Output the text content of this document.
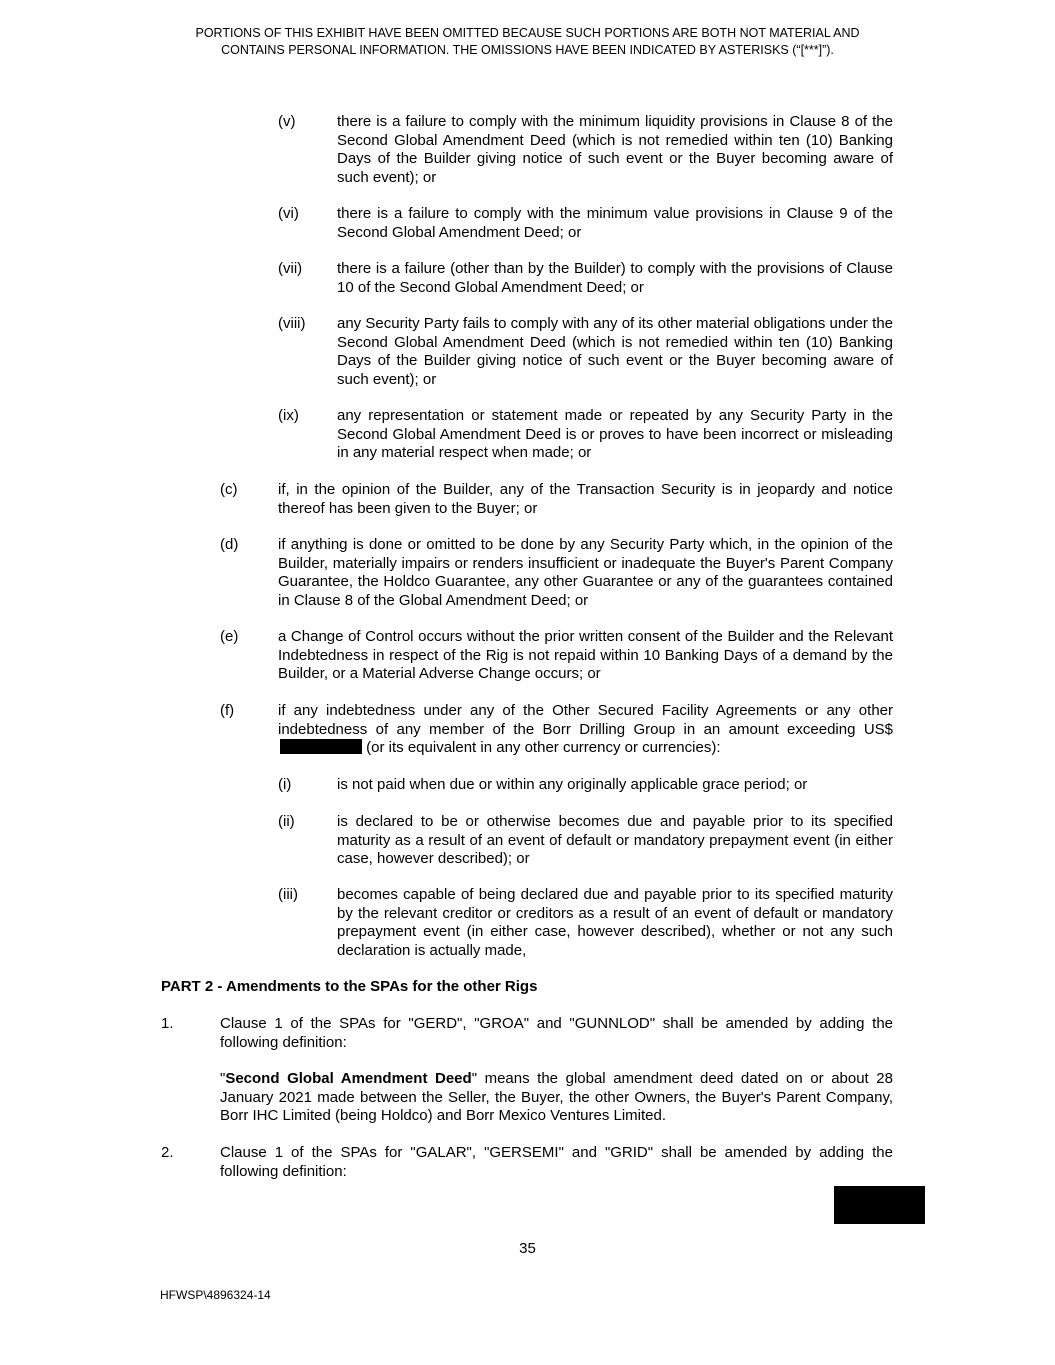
PORTIONS OF THIS EXHIBIT HAVE BEEN OMITTED BECAUSE SUCH PORTIONS ARE BOTH NOT MATERIAL AND
CONTAINS PERSONAL INFORMATION. THE OMISSIONS HAVE BEEN INDICATED BY ASTERISKS (“[***]”).
(v)	there is a failure to comply with the minimum liquidity provisions in Clause 8 of the Second Global Amendment Deed (which is not remedied within ten (10) Banking Days of the Builder giving notice of such event or the Buyer becoming aware of such event); or
(vi)	there is a failure to comply with the minimum value provisions in Clause 9 of the Second Global Amendment Deed; or
(vii) there is a failure (other than by the Builder) to comply with the provisions of Clause 10 of the Second Global Amendment Deed; or
(viii) any Security Party fails to comply with any of its other material obligations under the Second Global Amendment Deed (which is not remedied within ten (10) Banking Days of the Builder giving notice of such event or the Buyer becoming aware of such event); or
(ix)	any representation or statement made or repeated by any Security Party in the Second Global Amendment Deed is or proves to have been incorrect or misleading in any material respect when made; or
(c)	if, in the opinion of the Builder, any of the Transaction Security is in jeopardy and notice thereof has been given to the Buyer; or
(d)	if anything is done or omitted to be done by any Security Party which, in the opinion of the Builder, materially impairs or renders insufficient or inadequate the Buyer's Parent Company Guarantee, the Holdco Guarantee, any other Guarantee or any of the guarantees contained in Clause 8 of the Global Amendment Deed; or
(e)	a Change of Control occurs without the prior written consent of the Builder and the Relevant Indebtedness in respect of the Rig is not repaid within 10 Banking Days of a demand by the Builder, or a Material Adverse Change occurs; or
(f)	if any indebtedness under any of the Other Secured Facility Agreements or any other indebtedness of any member of the Borr Drilling Group in an amount exceeding US$ (or its equivalent in any other currency or currencies):
(i)	is not paid when due or within any originally applicable grace period; or
(ii)	is declared to be or otherwise becomes due and payable prior to its specified maturity as a result of an event of default or mandatory prepayment event (in either case, however described); or
(iii)	becomes capable of being declared due and payable prior to its specified maturity by the relevant creditor or creditors as a result of an event of default or mandatory prepayment event (in either case, however described), whether or not any such declaration is actually made,
PART 2 - Amendments to the SPAs for the other Rigs
1.	Clause 1 of the SPAs for "GERD", "GROA" and "GUNNLOD" shall be amended by adding the following definition:
"Second Global Amendment Deed" means the global amendment deed dated on or about 28 January 2021 made between the Seller, the Buyer, the other Owners, the Buyer's Parent Company, Borr IHC Limited (being Holdco) and Borr Mexico Ventures Limited.
2.	Clause 1 of the SPAs for "GALAR", "GERSEMI" and "GRID" shall be amended by adding the following definition:
35
HFWSP\4896324-14
